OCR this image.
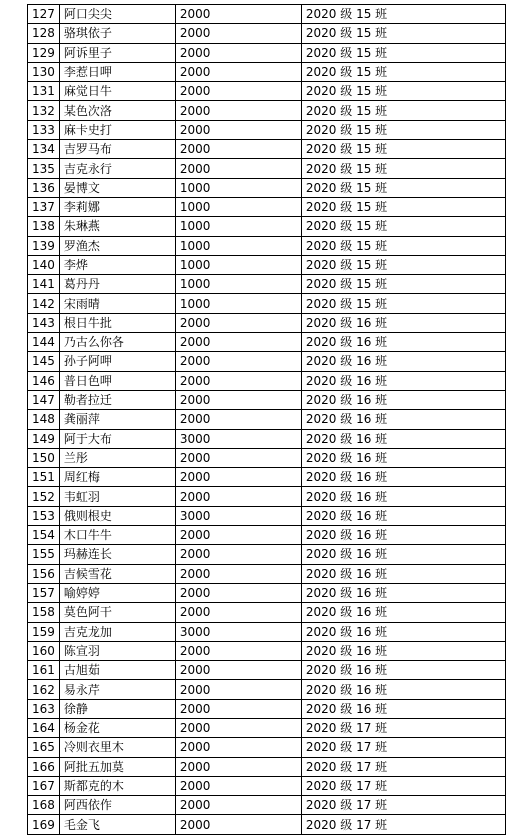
127	阿口尖尖	2000	2020 级 15 班
128	骆琪依子	2000	2020 级 15 班
129	阿诉里子	2000	2020 级 15 班
130	李惹日呷	2000	2020 级 15 班
131	麻觉日牛	2000	2020 级 15 班
132	某色次洛	2000	2020 级 15 班
133	麻卡史打	2000	2020 级 15 班
134	吉罗马布	2000	2020 级 15 班
135	吉克永行	2000	2020 级 15 班
136	晏博文	1000	2020 级 15 班
137	李莉娜	1000	2020 级 15 班
138	朱琳燕	1000	2020 级 15 班
139	罗渔杰	1000	2020 级 15 班
140	李烨	1000	2020 级 15 班
141	葛丹丹	1000	2020 级 15 班
142	宋雨晴	1000	2020 级 15 班
143	根日牛批	2000	2020 级 16 班
144	乃古么你各	2000	2020 级 16 班
145	孙子阿呷	2000	2020 级 16 班
146	普日色呷	2000	2020 级 16 班
147	勒者拉迁	2000	2020 级 16 班
148	龚丽萍	2000	2020 级 16 班
149	阿于大布	3000	2020 级 16 班
150	兰彤	2000	2020 级 16 班
151	周红梅	2000	2020 级 16 班
152	韦虹羽	2000	2020 级 16 班
153	俄则根史	3000	2020 级 16 班
154	木口牛牛	2000	2020 级 16 班
155	玛赫连长	2000	2020 级 16 班
156	吉候雪花	2000	2020 级 16 班
157	喻婷婷	2000	2020 级 16 班
158	莫色阿干	2000	2020 级 16 班
159	吉克龙加	3000	2020 级 16 班
160	陈宣羽	2000	2020 级 16 班
161	古旭茹	2000	2020 级 16 班
162	易永芹	2000	2020 级 16 班
163	徐静	2000	2020 级 16 班
164	杨金花	2000	2020 级 17 班
165	冷则衣里木	2000	2020 级 17 班
166	阿批五加莫	2000	2020 级 17 班
167	斯都克的木	2000	2020 级 17 班
168	阿西依作	2000	2020 级 17 班
169	毛金飞	2000	2020 级 17 班
